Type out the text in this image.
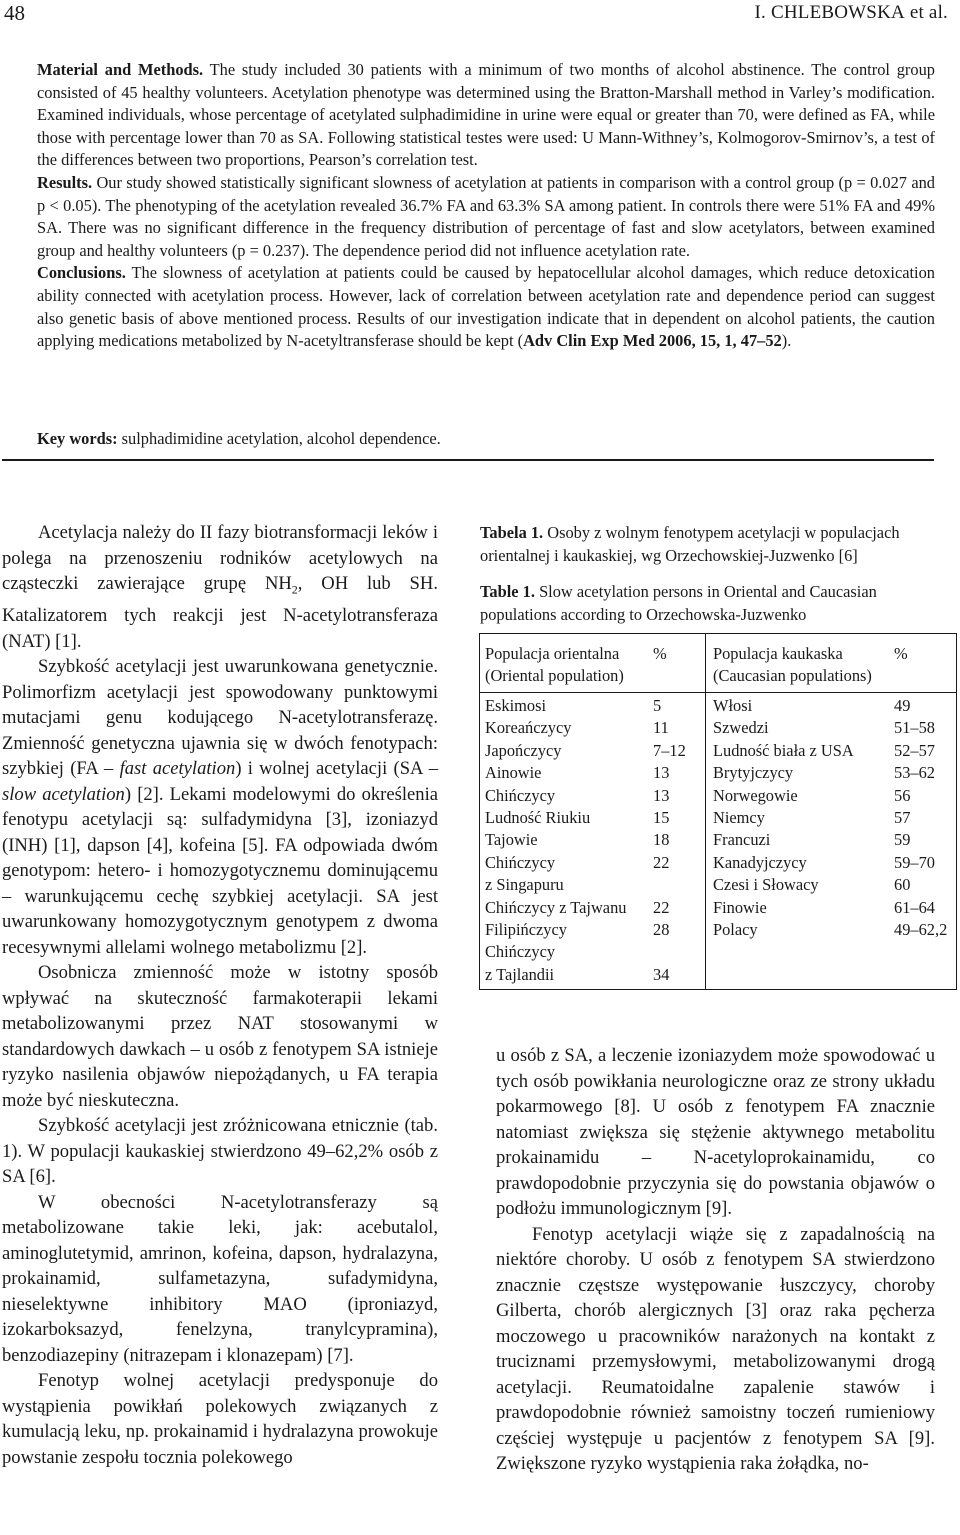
48	I. CHLEBOWSKA et al.

Material and Methods. The study included 30 patients with a minimum of two months of alcohol abstinence. The control group consisted of 45 healthy volunteers. Acetylation phenotype was determined using the Bratton-Marshall method in Varley’s modification. Examined individuals, whose percentage of acetylated sulphadimidine in urine were equal or greater than 70, were defined as FA, while those with percentage lower than 70 as SA. Following statistical testes were used: U Mann-Withney’s, Kolmogorov-Smirnov’s, a test of the differences between two proportions, Pearson’s correlation test.

Results. Our study showed statistically significant slowness of acetylation at patients in comparison with a control group (p = 0.027 and p < 0.05). The phenotyping of the acetylation revealed 36.7% FA and 63.3% SA among patient. In controls there were 51% FA and 49% SA. There was no significant difference in the frequency distribution of percentage of fast and slow acetylators, between examined group and healthy volunteers (p = 0.237). The dependence period did not influence acetylation rate.

Conclusions. The slowness of acetylation at patients could be caused by hepatocellular alcohol damages, which reduce detoxication ability connected with acetylation process. However, lack of correlation between acetylation rate and dependence period can suggest also genetic basis of above mentioned process. Results of our investigation indicate that in dependent on alcohol patients, the caution applying medications metabolized by N-acetyltransferase should be kept (Adv Clin Exp Med 2006, 15, 1, 47–52).

Key words: sulphadimidine acetylation, alcohol dependence.

Acetylacja należy do II fazy biotransformacji leków i polega na przenoszeniu rodników acetylowych na cząsteczki zawierające grupę $NH_2$, OH lub SH. Katalizatorem tych reakcji jest N-acetylotransferaza (NAT) [1].

Szybkość acetylacji jest uwarunkowana genetycznie. Polimorfizm acetylacji jest spowodowany punktowymi mutacjami genu kodującego N-acetylotransferazę. Zmienność genetyczna ujawnia się w dwóch fenotypach: szybkiej (FA – fast acetylation) i wolnej acetylacji (SA – slow acetylation) [2]. Lekami modelowymi do określenia fenotypu acetylacji są: sulfadymidyna [3], izoniazyd (INH) [1], dapson [4], kofeina [5]. FA odpowiada dwóm genotypom: hetero- i homozygotycznemu dominującemu – warunkującemu cechę szybkiej acetylacji. SA jest uwarunkowany homozygotycznym genotypem z dwoma recesywnymi allelami wolnego metabolizmu [2].

Osobnicza zmienność może w istotny sposób wpływać na skuteczność farmakoterapii lekami metabolizowanymi przez NAT stosowanymi w standardowych dawkach – u osób z fenotypem SA istnieje ryzyko nasilenia objawów niepożądanych, u FA terapia może być nieskuteczna.

Szybkość acetylacji jest zróżnicowana etnicznie (tab. 1). W populacji kaukaskiej stwierdzono 49–62,2% osób z SA [6].

W obecności N-acetylotransferazy są metabolizowane takie leki, jak: acebutalol, aminoglutetymid, amrinon, kofeina, dapson, hydralazyna, prokainamid, sulfametazyna, sufadymidyna, nieselektywne inhibitory MAO (iproniazyd, izokarboksazyd, fenelzyna, tranylcypramina), benzodiazepiny (nitrazepam i klonazepam) [7].

Fenotyp wolnej acetylacji predysponuje do wystąpienia powikłań polekowych związanych z kumulacją leku, np. prokainamid i hydralazyna prowokuje powstanie zespołu tocznia polekowego

Tabela 1. Osoby z wolnym fenotypem acetylacji w populacjach orientalnej i kaukaskiej, wg Orzechowskiej-Juzwenko [6]

Table 1. Slow acetylation persons in Oriental and Caucasian populations according to Orzechowska-Juzwenko

Populacja orientalna
(Oriental population)
%	Populacja kaukaska
(Caucasian populations)
%
Eskimosi
Koreańczycy
Japończycy
Ainowie
Chińczycy
Ludność Riukiu
Tajowie
Chińczycy
z Singapuru
Chińczycy z Tajwanu
Filipińczycy
Chińczycy
z Tajlandii
5
11
7–12
13
13
15
18
22

22
28

34
Włosi
Szwedzi
Ludność biała z USA
Brytyjczycy
Norwegowie
Niemcy
Francuzi
Kanadyjczycy
Czesi i Słowacy
Finowie
Polacy
49
51–58
52–57
53–62
56
57
59
59–70
60
61–64
49–62,2

u osób z SA, a leczenie izoniazydem może spowodować u tych osób powikłania neurologiczne oraz ze strony układu pokarmowego [8]. U osób z fenotypem FA znacznie natomiast zwiększa się stężenie aktywnego metabolitu prokainamidu – N-acetyloprokainamidu, co prawdopodobnie przyczynia się do powstania objawów o podłożu immunologicznym [9].

Fenotyp acetylacji wiąże się z zapadalnością na niektóre choroby. U osób z fenotypem SA stwierdzono znacznie częstsze występowanie łuszczycy, choroby Gilberta, chorób alergicznych [3] oraz raka pęcherza moczowego u pracowników narażonych na kontakt z truciznami przemysłowymi, metabolizowanymi drogą acetylacji. Reumatoidalne zapalenie stawów i prawdopodobnie również samoistny toczeń rumieniowy częściej występuje u pacjentów z fenotypem SA [9]. Zwiększone ryzyko wystąpienia raka żołądka, no-
